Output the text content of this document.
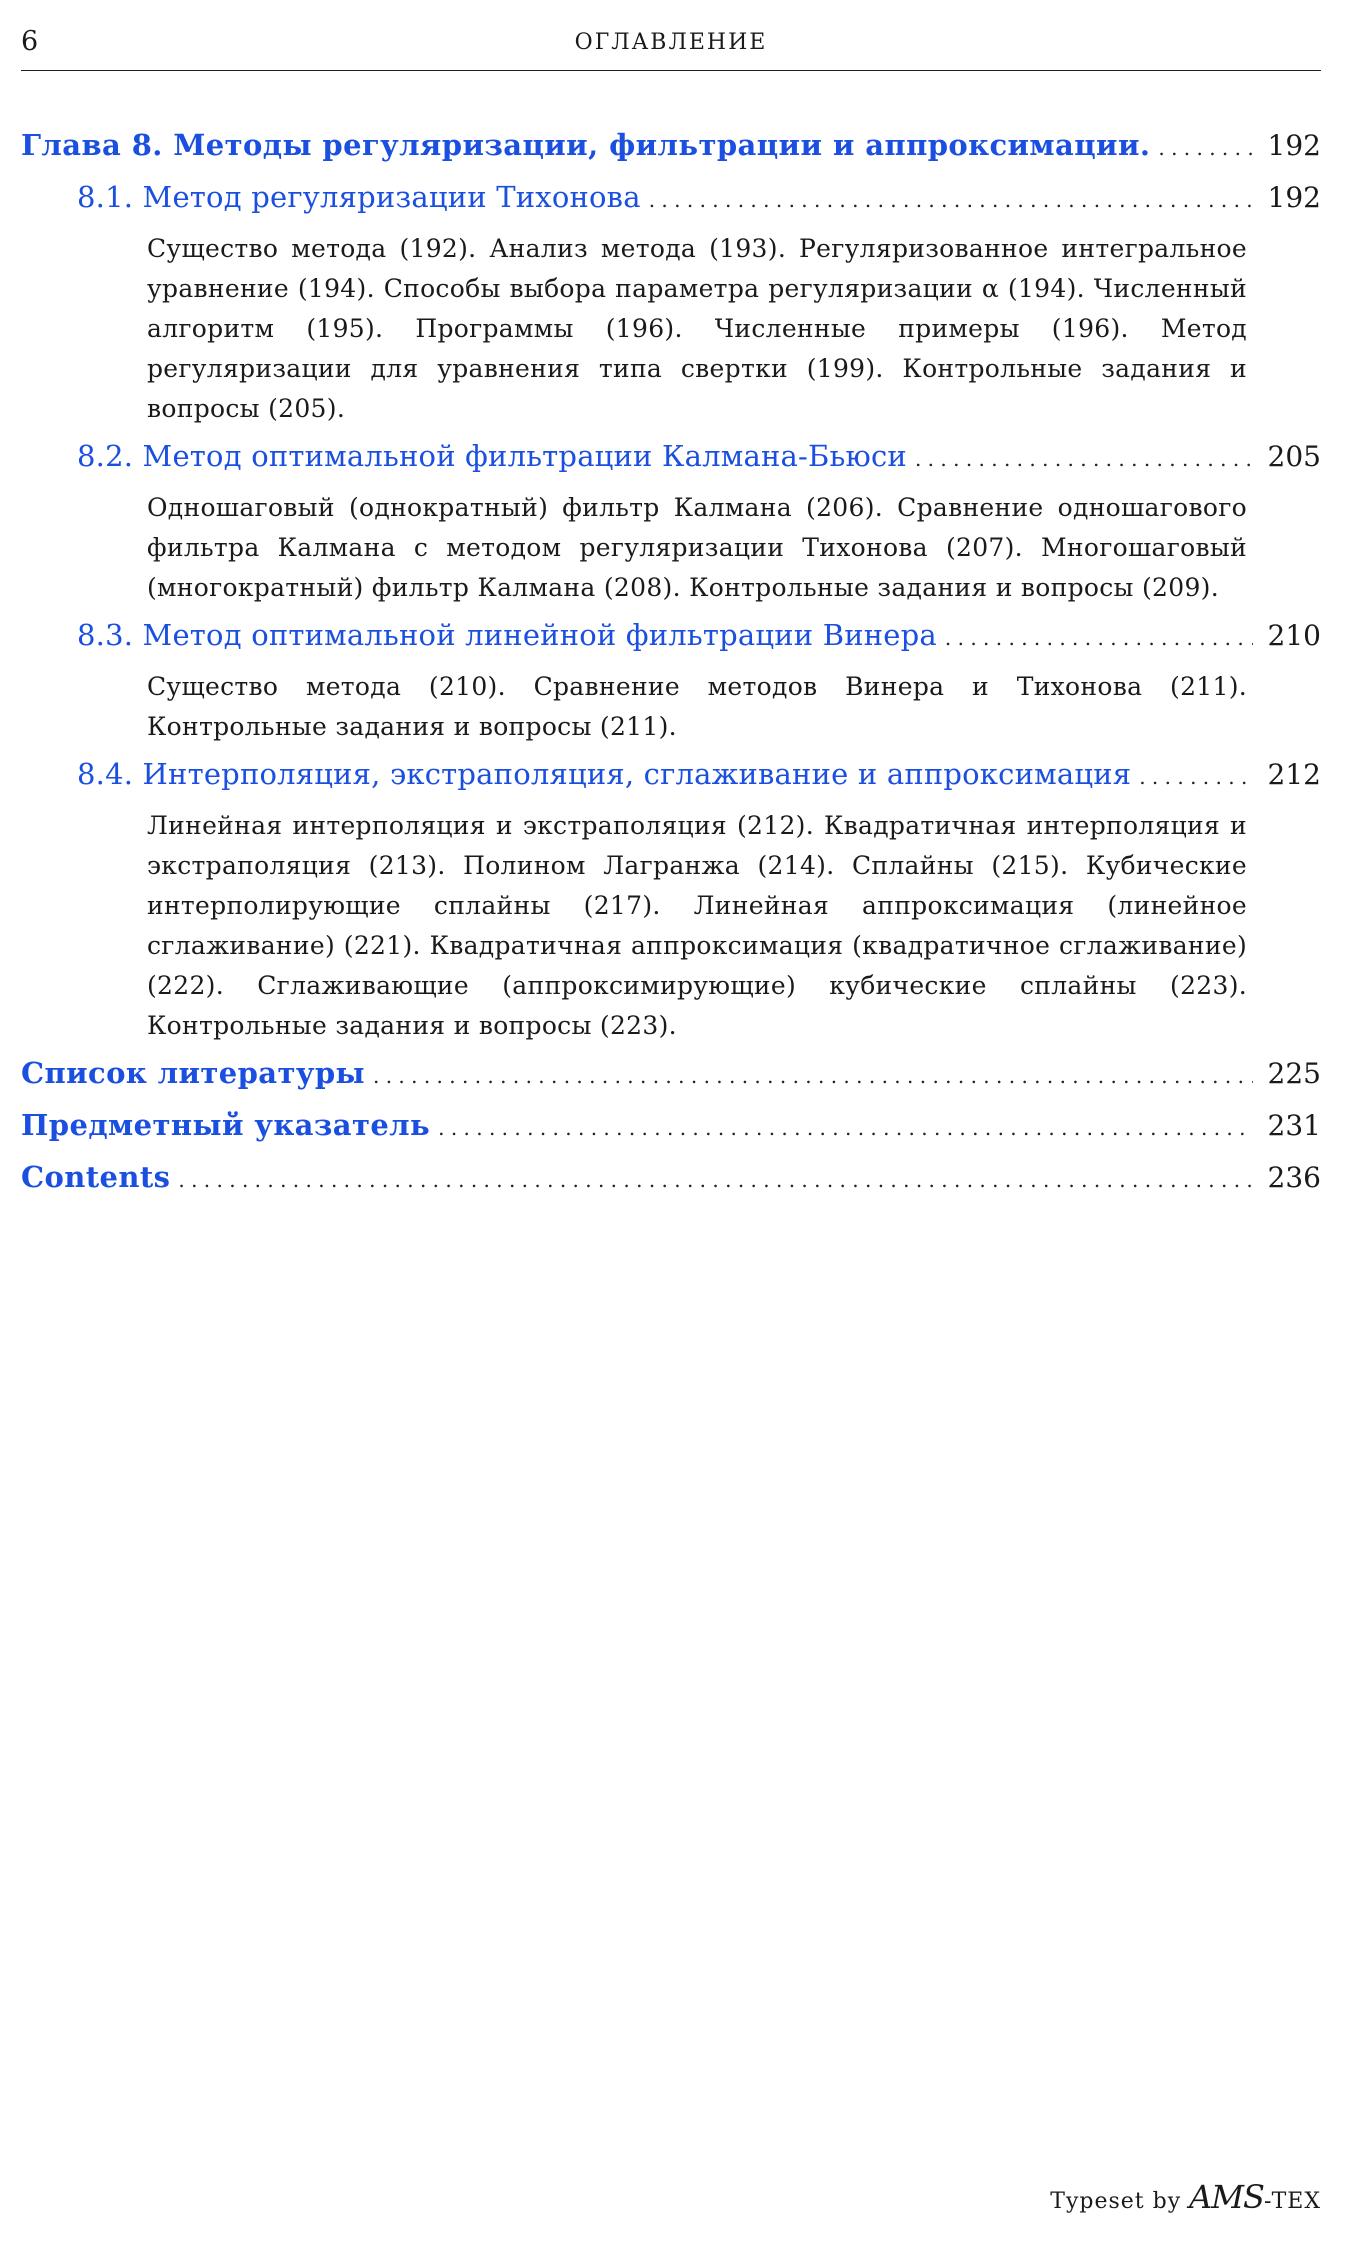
6	ОГЛАВЛЕНИЕ
Глава 8. Методы регуляризации, фильтрации и аппроксимации. . . .	192
8.1. Метод регуляризации Тихонова . . .	192
Существо метода (192). Анализ метода (193). Регуляризованное интегральное уравнение (194). Способы выбора параметра регуляризации α (194). Численный алгоритм (195). Программы (196). Численные примеры (196). Метод регуляризации для уравнения типа свертки (199). Контрольные задания и вопросы (205).
8.2. Метод оптимальной фильтрации Калмана-Бьюси . . .	205
Одношаговый (однократный) фильтр Калмана (206). Сравнение одношагового фильтра Калмана с методом регуляризации Тихонова (207). Многошаговый (многократный) фильтр Калмана (208). Контрольные задания и вопросы (209).
8.3. Метод оптимальной линейной фильтрации Винера . . .	210
Существо метода (210). Сравнение методов Винера и Тихонова (211). Контрольные задания и вопросы (211).
8.4. Интерполяция, экстраполяция, сглаживание и аппроксимация . . .	212
Линейная интерполяция и экстраполяция (212). Квадратичная интерполяция и экстраполяция (213). Полином Лагранжа (214). Сплайны (215). Кубические интерполирующие сплайны (217). Линейная аппроксимация (линейное сглаживание) (221). Квадратичная аппроксимация (квадратичное сглаживание) (222). Сглаживающие (аппроксимирующие) кубические сплайны (223). Контрольные задания и вопросы (223).
Список литературы . . .	225
Предметный указатель . . .	231
Contents . . .	236
Typeset by AMS-TEX
